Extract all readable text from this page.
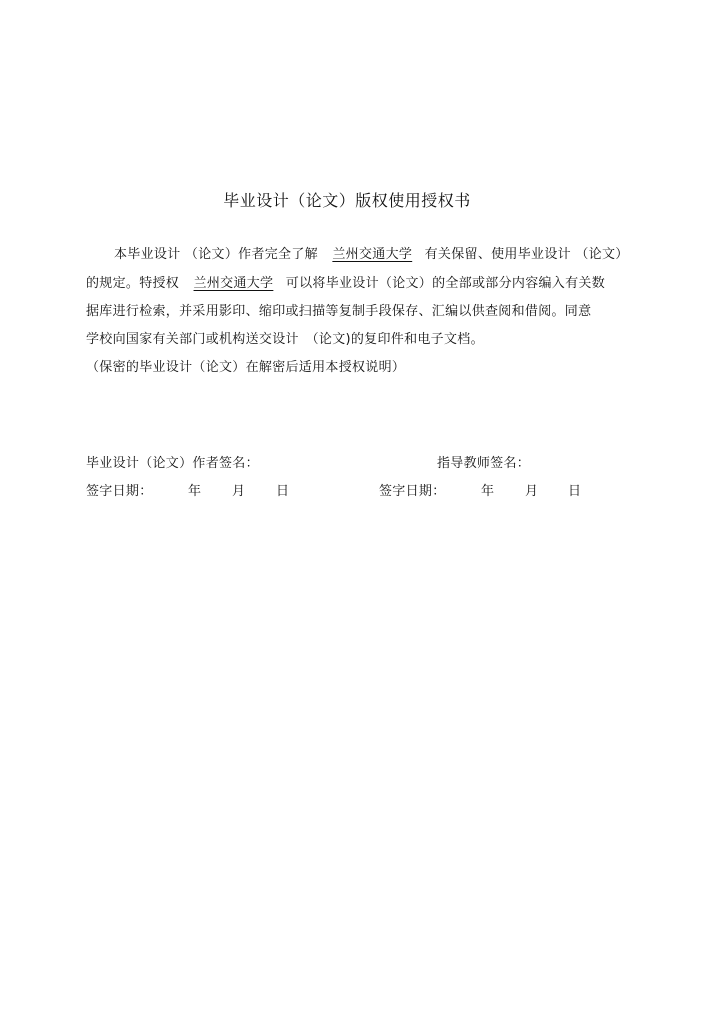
毕业设计（论文）版权使用授权书
本毕业设计 （论文）作者完全了解 兰州交通大学 有关保留、使用毕业设计 （论文）
的规定。特授权 兰州交通大学 可以将毕业设计（论文）的全部或部分内容编入有关数
据库进行检索，并采用影印、缩印或扫描等复制手段保存、汇编以供查阅和借阅。同意
学校向国家有关部门或机构送交设计　（论文)的复印件和电子文档。
（保密的毕业设计（论文）在解密后适用本授权说明）
毕业设计（论文）作者签名：	指导教师签名：
签字日期：	年 月 日	签字日期：	年 月 日
